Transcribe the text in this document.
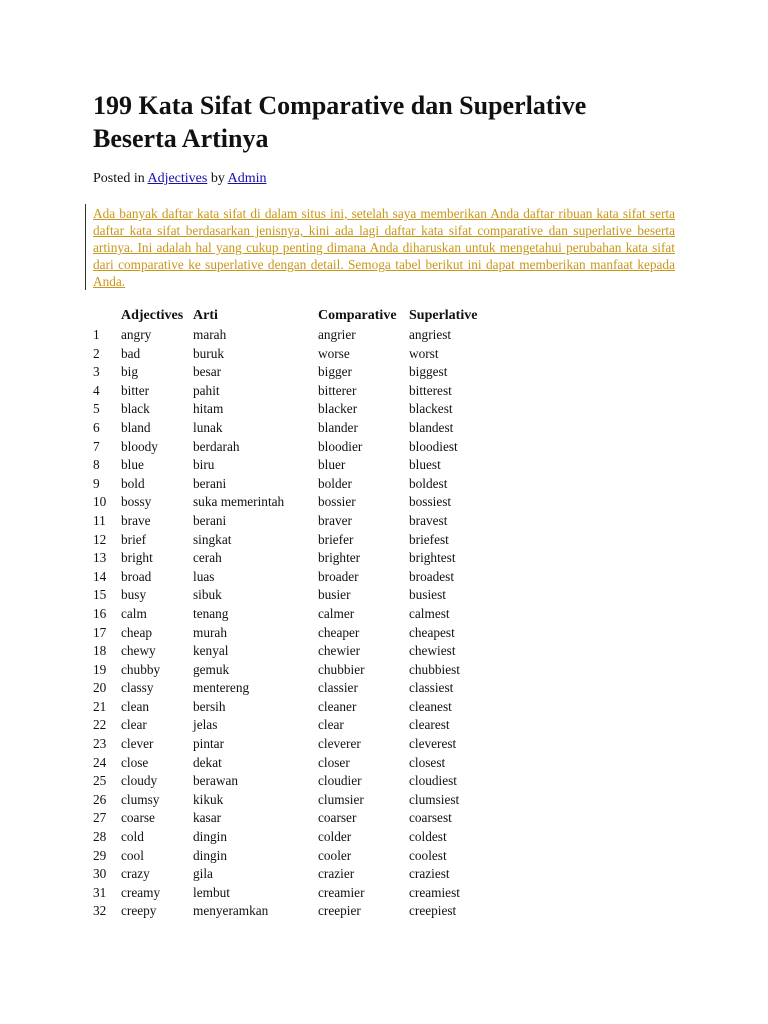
199 Kata Sifat Comparative dan Superlative Beserta Artinya
Posted in Adjectives by Admin

Ada banyak daftar kata sifat di dalam situs ini, setelah saya memberikan Anda daftar ribuan kata sifat serta daftar kata sifat berdasarkan jenisnya, kini ada lagi daftar kata sifat comparative dan superlative beserta artinya. Ini adalah hal yang cukup penting dimana Anda diharuskan untuk mengetahui perubahan kata sifat dari comparative ke superlative dengan detail. Semoga tabel berikut ini dapat memberikan manfaat kepada Anda.

	Adjectives	Arti	Comparative	Superlative
1	angry	marah	angrier	angriest
2	bad	buruk	worse	worst
3	big	besar	bigger	biggest
4	bitter	pahit	bitterer	bitterest
5	black	hitam	blacker	blackest
6	bland	lunak	blander	blandest
7	bloody	berdarah	bloodier	bloodiest
8	blue	biru	bluer	bluest
9	bold	berani	bolder	boldest
10	bossy	suka memerintah	bossier	bossiest
11	brave	berani	braver	bravest
12	brief	singkat	briefer	briefest
13	bright	cerah	brighter	brightest
14	broad	luas	broader	broadest
15	busy	sibuk	busier	busiest
16	calm	tenang	calmer	calmest
17	cheap	murah	cheaper	cheapest
18	chewy	kenyal	chewier	chewiest
19	chubby	gemuk	chubbier	chubbiest
20	classy	mentereng	classier	classiest
21	clean	bersih	cleaner	cleanest
22	clear	jelas	clear	clearest
23	clever	pintar	cleverer	cleverest
24	close	dekat	closer	closest
25	cloudy	berawan	cloudier	cloudiest
26	clumsy	kikuk	clumsier	clumsiest
27	coarse	kasar	coarser	coarsest
28	cold	dingin	colder	coldest
29	cool	dingin	cooler	coolest
30	crazy	gila	crazier	craziest
31	creamy	lembut	creamier	creamiest
32	creepy	menyeramkan	creepier	creepiest
